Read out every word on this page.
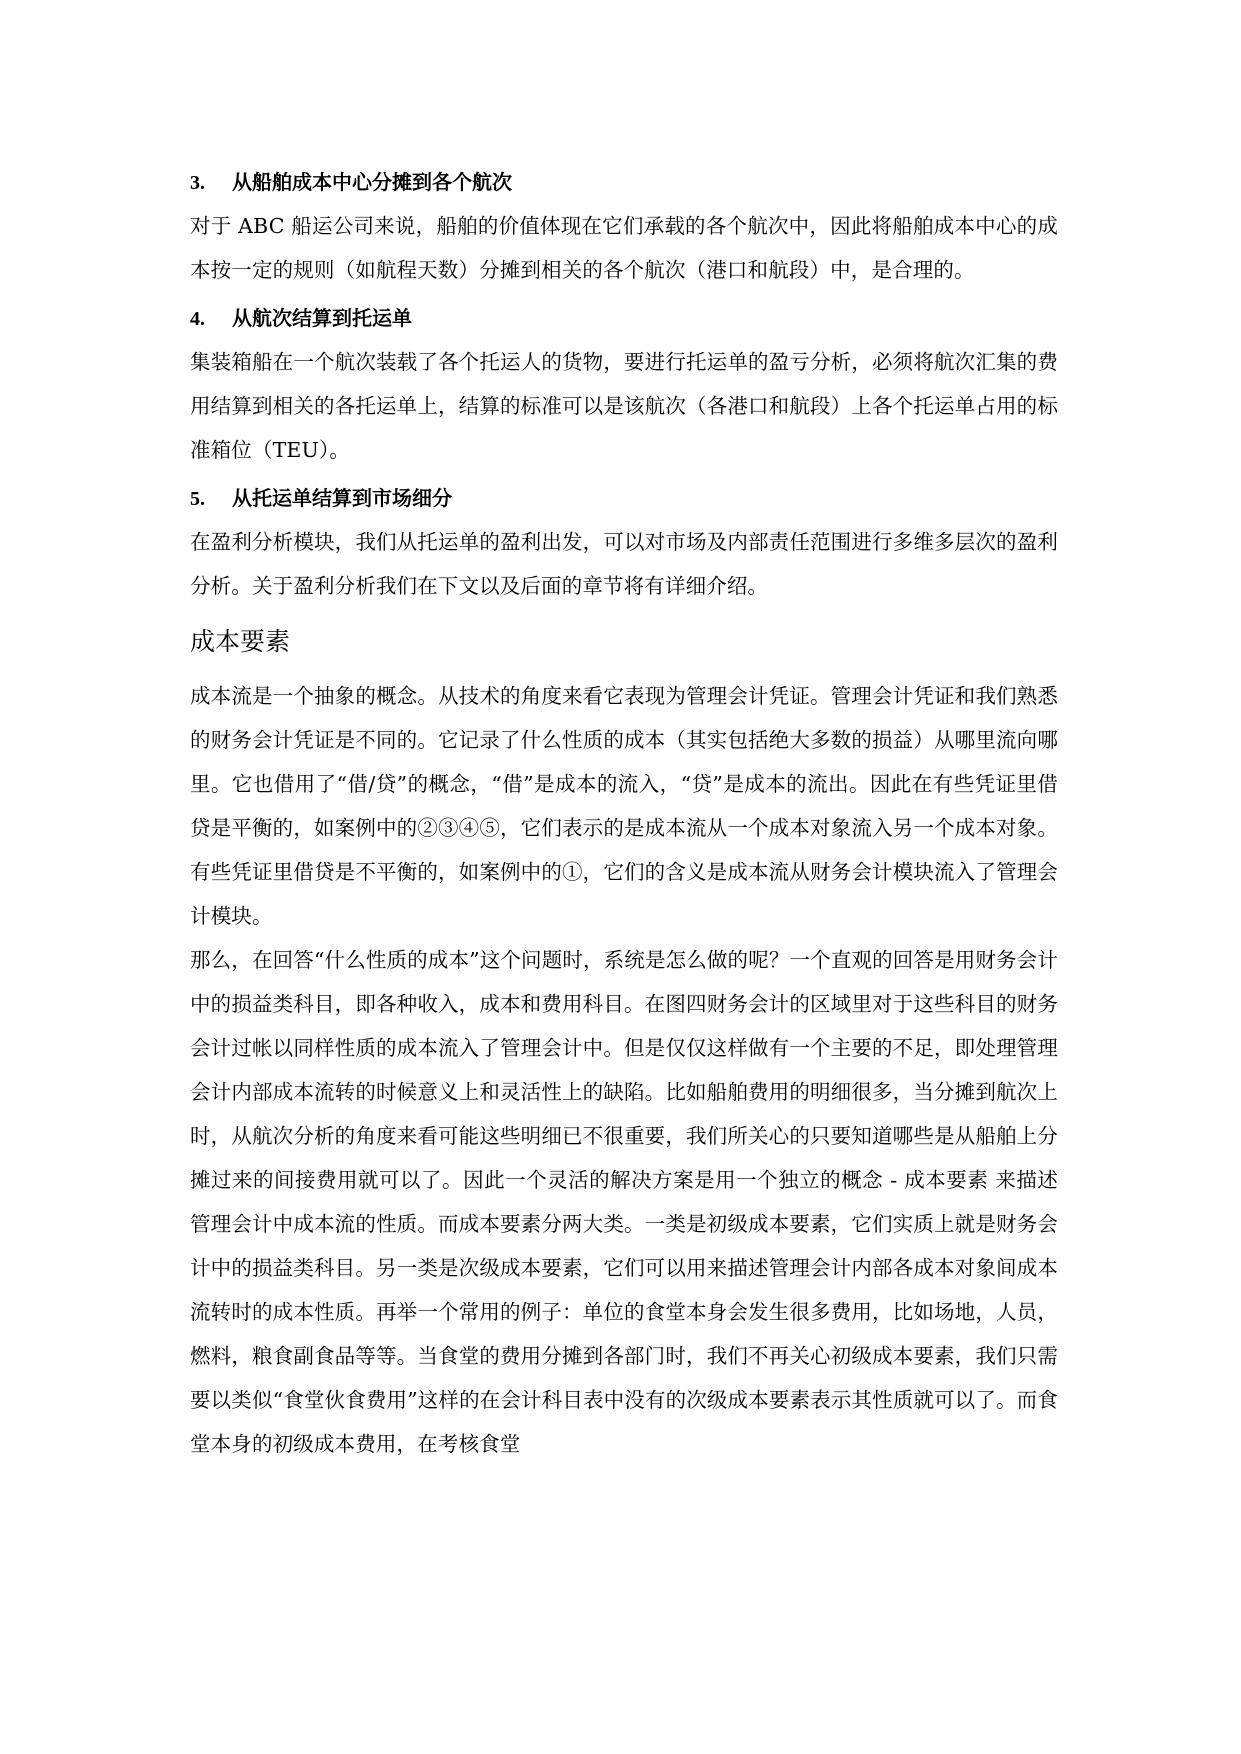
3.	从船舶成本中心分摊到各个航次

对于 ABC 船运公司来说，船舶的价值体现在它们承载的各个航次中，因此将船舶成本中心的成本按一定的规则（如航程天数）分摊到相关的各个航次（港口和航段）中，是合理的。

4.	从航次结算到托运单

集装箱船在一个航次装载了各个托运人的货物，要进行托运单的盈亏分析，必须将航次汇集的费用结算到相关的各托运单上，结算的标准可以是该航次（各港口和航段）上各个托运单占用的标准箱位（TEU）。

5.	从托运单结算到市场细分

在盈利分析模块，我们从托运单的盈利出发，可以对市场及内部责任范围进行多维多层次的盈利分析。关于盈利分析我们在下文以及后面的章节将有详细介绍。

成本要素

成本流是一个抽象的概念。从技术的角度来看它表现为管理会计凭证。管理会计凭证和我们熟悉的财务会计凭证是不同的。它记录了什么性质的成本（其实包括绝大多数的损益）从哪里流向哪里。它也借用了“借/贷”的概念，“借”是成本的流入，“贷”是成本的流出。因此在有些凭证里借贷是平衡的，如案例中的②③④⑤，它们表示的是成本流从一个成本对象流入另一个成本对象。有些凭证里借贷是不平衡的，如案例中的①，它们的含义是成本流从财务会计模块流入了管理会计模块。

那么，在回答“什么性质的成本”这个问题时，系统是怎么做的呢？一个直观的回答是用财务会计中的损益类科目，即各种收入，成本和费用科目。在图四财务会计的区域里对于这些科目的财务会计过帐以同样性质的成本流入了管理会计中。但是仅仅这样做有一个主要的不足，即处理管理会计内部成本流转的时候意义上和灵活性上的缺陷。比如船舶费用的明细很多，当分摊到航次上时，从航次分析的角度来看可能这些明细已不很重要，我们所关心的只要知道哪些是从船舶上分摊过来的间接费用就可以了。因此一个灵活的解决方案是用一个独立的概念 - 成本要素 来描述管理会计中成本流的性质。而成本要素分两大类。一类是初级成本要素，它们实质上就是财务会计中的损益类科目。另一类是次级成本要素，它们可以用来描述管理会计内部各成本对象间成本流转时的成本性质。再举一个常用的例子：单位的食堂本身会发生很多费用，比如场地，人员，燃料，粮食副食品等等。当食堂的费用分摊到各部门时，我们不再关心初级成本要素，我们只需要以类似“食堂伙食费用”这样的在会计科目表中没有的次级成本要素表示其性质就可以了。而食堂本身的初级成本费用，在考核食堂
